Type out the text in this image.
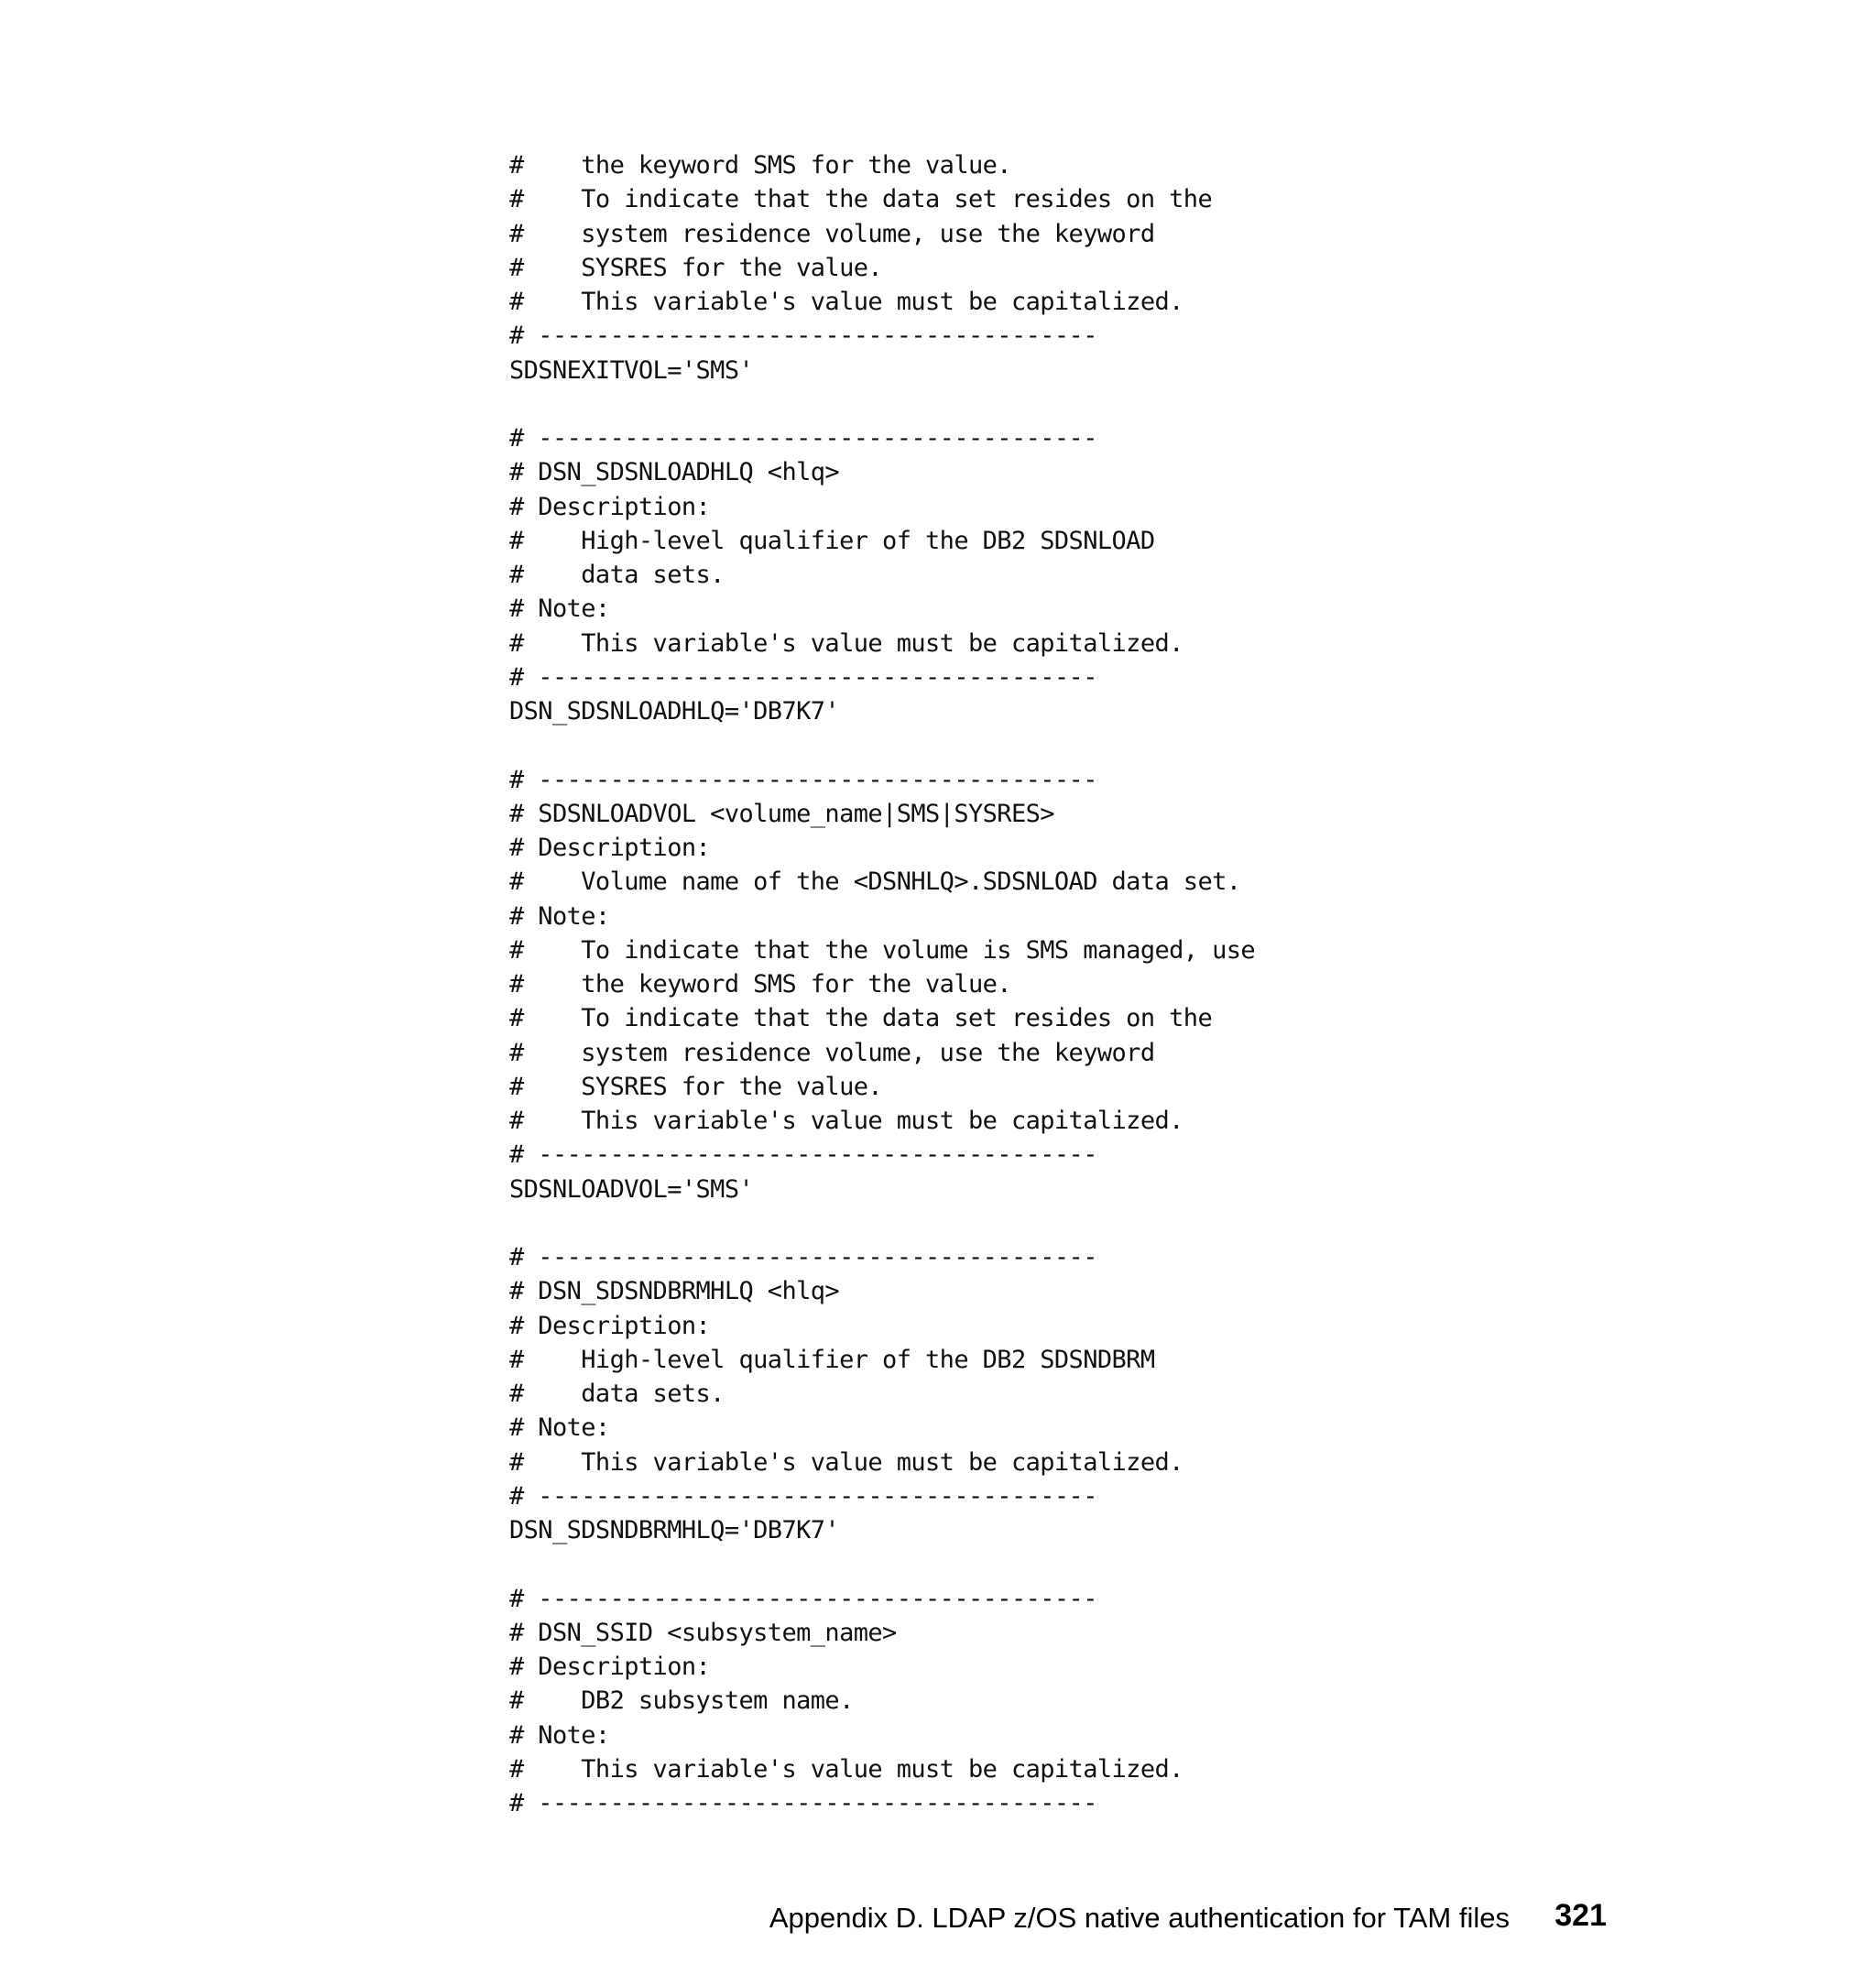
#    the keyword SMS for the value.
#    To indicate that the data set resides on the
#    system residence volume, use the keyword
#    SYSRES for the value.
#    This variable's value must be capitalized.
# ---------------------------------------
SDSNEXITVOL='SMS'
# ---------------------------------------
# DSN_SDSNLOADHLQ <hlq>
# Description:
#    High-level qualifier of the DB2 SDSNLOAD
#    data sets.
# Note:
#    This variable's value must be capitalized.
# ---------------------------------------
DSN_SDSNLOADHLQ='DB7K7'
# ---------------------------------------
# SDSNLOADVOL <volume_name|SMS|SYSRES>
# Description:
#    Volume name of the <DSNHLQ>.SDSNLOAD data set.
# Note:
#    To indicate that the volume is SMS managed, use
#    the keyword SMS for the value.
#    To indicate that the data set resides on the
#    system residence volume, use the keyword
#    SYSRES for the value.
#    This variable's value must be capitalized.
# ---------------------------------------
SDSNLOADVOL='SMS'
# ---------------------------------------
# DSN_SDSNDBRMHLQ <hlq>
# Description:
#    High-level qualifier of the DB2 SDSNDBRM
#    data sets.
# Note:
#    This variable's value must be capitalized.
# ---------------------------------------
DSN_SDSNDBRMHLQ='DB7K7'
# ---------------------------------------
# DSN_SSID <subsystem_name>
# Description:
#    DB2 subsystem name.
# Note:
#    This variable's value must be capitalized.
# ---------------------------------------
Appendix D. LDAP z/OS native authentication for TAM files 321
